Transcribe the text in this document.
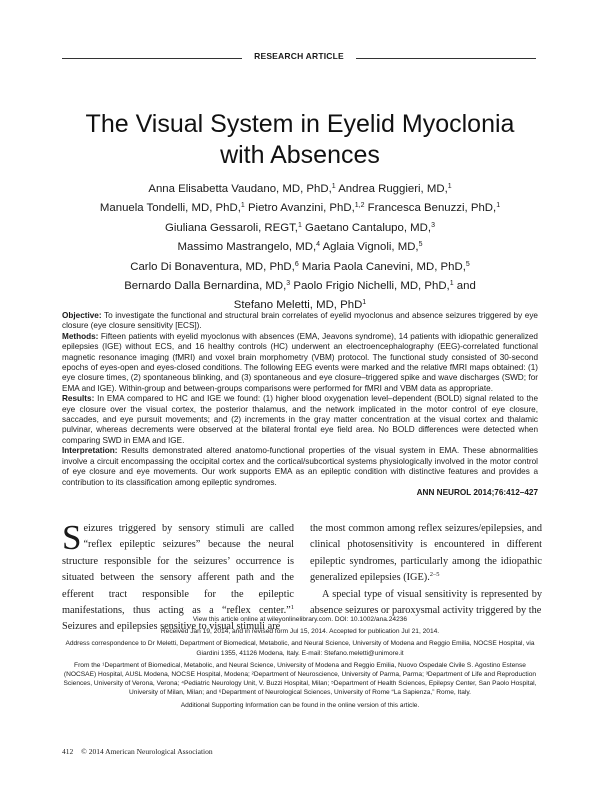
RESEARCH ARTICLE
The Visual System in Eyelid Myoclonia
with Absences
Anna Elisabetta Vaudano, MD, PhD,$^1$ Andrea Ruggieri, MD,$^1$
Manuela Tondelli, MD, PhD,$^1$ Pietro Avanzini, PhD,$^{1,2}$ Francesca Benuzzi, PhD,$^1$
Giuliana Gessaroli, REGT,$^1$ Gaetano Cantalupo, MD,$^3$
Massimo Mastrangelo, MD,$^4$ Aglaia Vignoli, MD,$^5$
Carlo Di Bonaventura, MD, PhD,$^6$ Maria Paola Canevini, MD, PhD,$^5$
Bernardo Dalla Bernardina, MD,$^3$ Paolo Frigio Nichelli, MD, PhD,$^1$ and
Stefano Meletti, MD, PhD$^1$

Objective: To investigate the functional and structural brain correlates of eyelid myoclonus and absence seizures triggered by eye closure (eye closure sensitivity [ECS]).

Methods: Fifteen patients with eyelid myoclonus with absences (EMA, Jeavons syndrome), 14 patients with idiopathic generalized epilepsies (IGE) without ECS, and 16 healthy controls (HC) underwent an electroencephalography (EEG)-correlated functional magnetic resonance imaging (fMRI) and voxel brain morphometry (VBM) protocol. The functional study consisted of 30-second epochs of eyes-open and eyes-closed conditions. The following EEG events were marked and the relative fMRI maps obtained: (1) eye closure times, (2) spontaneous blinking, and (3) spontaneous and eye closure–triggered spike and wave discharges (SWD; for EMA and IGE). Within-group and between-groups comparisons were performed for fMRI and VBM data as appropriate.

Results: In EMA compared to HC and IGE we found: (1) higher blood oxygenation level–dependent (BOLD) signal related to the eye closure over the visual cortex, the posterior thalamus, and the network implicated in the motor control of eye closure, saccades, and eye pursuit movements; and (2) increments in the gray matter concentration at the visual cortex and thalamic pulvinar, whereas decrements were observed at the bilateral frontal eye field area. No BOLD differences were detected when comparing SWD in EMA and IGE.

Interpretation: Results demonstrated altered anatomo-functional properties of the visual system in EMA. These abnormalities involve a circuit encompassing the occipital cortex and the cortical/subcortical systems physiologically involved in the motor control of eye closure and eye movements. Our work supports EMA as an epileptic condition with distinctive features and provides a contribution to its classification among epileptic syndromes.

ANN NEUROL 2014;76:412–427

Seizures triggered by sensory stimuli are called “reflex epileptic seizures” because the neural structure responsible for the seizures’ occurrence is situated between the sensory afferent path and the efferent tract responsible for the epileptic manifestations, thus acting as a “reflex center.”$^1$ Seizures and epilepsies sensitive to visual stimuli are

the most common among reflex seizures/epilepsies, and clinical photosensitivity is encountered in different epileptic syndromes, particularly among the idiopathic generalized epilepsies (IGE).$^{2-5}$

A special type of visual sensitivity is represented by absence seizures or paroxysmal activity triggered by the

View this article online at wileyonlinelibrary.com. DOI: 10.1002/ana.24236

Received Jan 19, 2014, and in revised form Jul 15, 2014. Accepted for publication Jul 21, 2014.

Address correspondence to Dr Meletti, Department of Biomedical, Metabolic, and Neural Science, University of Modena and Reggio Emilia, NOCSE Hospital, via Giardini 1355, 41126 Modena, Italy. E-mail: Stefano.meletti@unimore.it

From the ¹Department of Biomedical, Metabolic, and Neural Science, University of Modena and Reggio Emilia, Nuovo Ospedale Civile S. Agostino Estense (NOCSAE) Hospital, AUSL Modena, NOCSE Hospital, Modena; ²Department of Neuroscience, University of Parma, Parma; ³Department of Life and Reproduction Sciences, University of Verona, Verona; ⁴Pediatric Neurology Unit, V. Buzzi Hospital, Milan; ⁵Department of Health Sciences, Epilepsy Center, San Paolo Hospital, University of Milan, Milan; and ⁶Department of Neurological Sciences, University of Rome “La Sapienza,” Rome, Italy.

Additional Supporting Information can be found in the online version of this article.

412 © 2014 American Neurological Association
